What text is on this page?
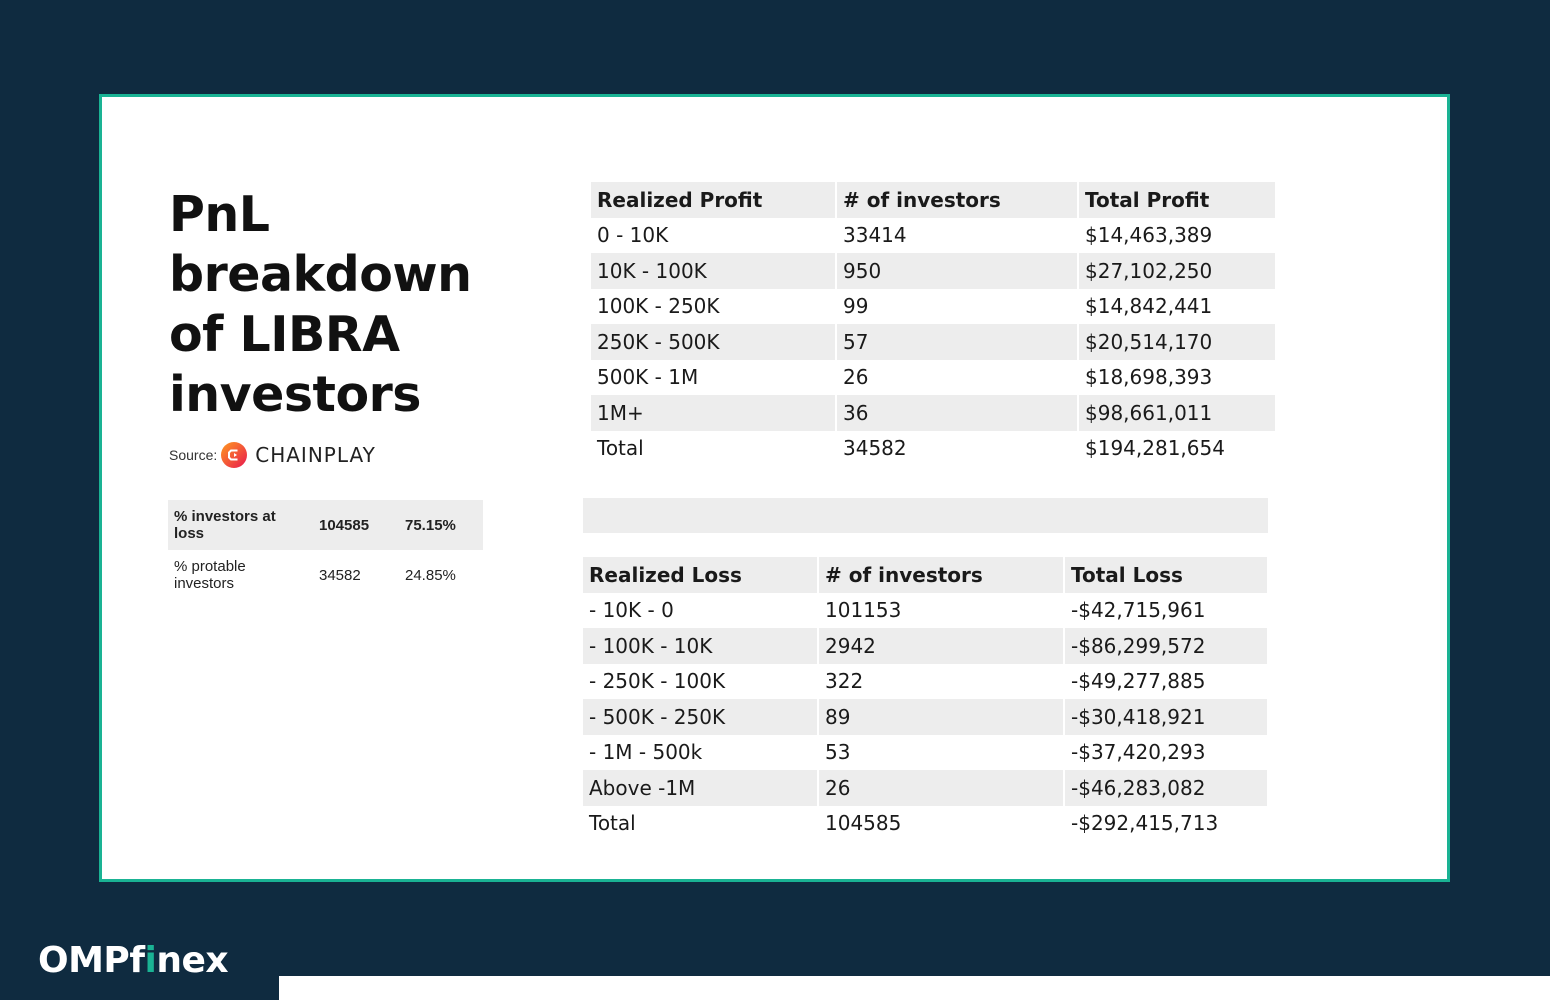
PnL
breakdown
of LIBRA
investors
Source: CHAINPLAY
% investors at loss	104585	75.15%
% protable investors	34582	24.85%
Realized Profit	# of investors	Total Profit
0 - 10K	33414	$14,463,389
10K - 100K	950	$27,102,250
100K - 250K	99	$14,842,441
250K - 500K	57	$20,514,170
500K - 1M	26	$18,698,393
1M+	36	$98,661,011
Total	34582	$194,281,654
Realized Loss	# of investors	Total Loss
- 10K - 0	101153	-$42,715,961
- 100K - 10K	2942	-$86,299,572
- 250K - 100K	322	-$49,277,885
- 500K - 250K	89	-$30,418,921
- 1M - 500k	53	-$37,420,293
Above -1M	26	-$46,283,082
Total	104585	-$292,415,713
OMPfinex
